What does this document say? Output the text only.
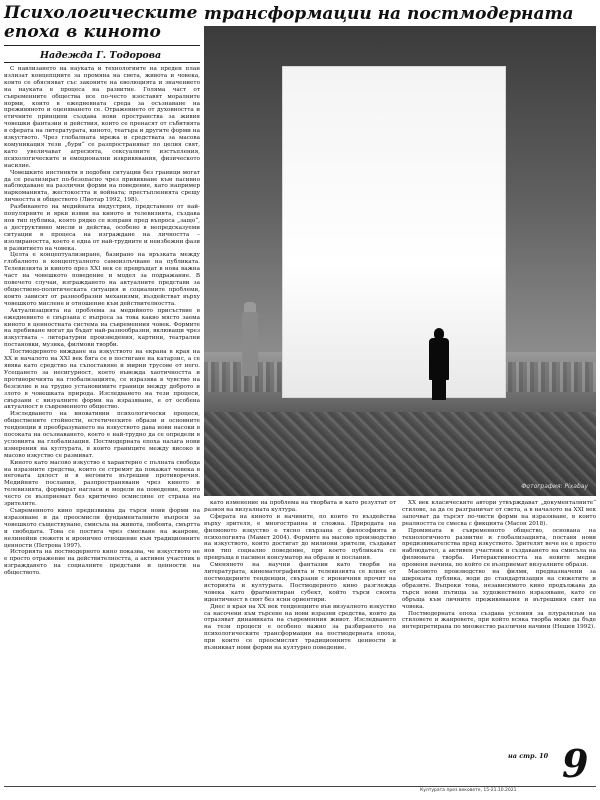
Психологическите
епоха в киното
Надежда Г. Тодорова
Фотография: Pixabay
трансформации на постмодерната

С навлизането на науката и технологиите на преден план излизат концепциите за промяна на света, живота и човека, които се обясняват със законите на еволюцията и значението на науката в процеса на развитие. Голяма част от съвременните общества все по-често изоставят моралните норми, които в ежедневната среда за осъзнаване на преживяното и оценяването се. Отражението от духовността и етичните принципи създава нови пространства за живия човешки фантазии и действия, които се пренасят от събитията в сферата на литературата, киното, театъра и другите форми на изкуството. Чрез глобалната мрежа и средствата за масова комуникация тези „бури“ се разпространяват по целия свят, като увеличават агресията, сексуалните изстъпления, психологическите и емоционални изкривявания, физическото насилие.

Човешките инстинкти в подобни ситуации без граници могат да се реализират по-безопасно чрез привикване към пасивно наблюдаване на различни форми на поведение, като например наркоманията, жестокостта и войната; престъпленията срещу личността и обществото (Лиотар 1992, 198).

Разбиването на медийната индустрия, представено от най-популярните и ярки изяви на киното и телевизията, създава нов тип публика, която рядко се изправя пред въпроса „защо“, а деструктивно мисли и действа, особено в непредсказуеми ситуации в процеса на изграждане на личността – изолираността, което е една от най-трудните и неизбежни фази в развитието на човека.

Целта е концептуализиране, базирано на връзката между глобалното в концептуалното самоизлъчване на публиката. Телевизията и киното през XXI век се превръщат в нова важна част на човешкото поведение и модел за подражание. В повечето случаи, изграждането на актуалните представи за обществено-политическата ситуация и социалните проблеми, които зависят от разнообразни механизми, въздействат върху човешкото мислене и отношение към действителността.

Актуализацията на проблема за медийното присъствие в ежедневието е свързана с въпроса за това какво място заема киното в ценностната система на съвременния човек. Формите на пребиване могат да бъдат най-разнообразни, вклюващи чрез изкуствата – литературни произведения, картини, театрални постановки, музика, филмови творби.

Постмодерното виждане на изкуството на екрана в края на XX и началото на XXI век бяга се в постигане на катарзис, а се явява като средство на съпоставяне и мирни трусове от него. Усещането за несигурност, което въвежда хаотичността и противоречията на глобализацията, се изразява в чувство на безсилие и на трудно установимите граници между доброто и злото в човешката природа. Изследването на тези процеси, свързани с визуалните форми на изразяване, е от особена актуалност в съвременното общество.

Изследването на иновативни психологически процеси, обществените стойности, естетическите образи и основните тенденции в преобразуването на изкуството дава нови насоки в посоката на осъзнаването, което е най-трудно да се определи в условията на глобализация. Постмодерната епоха налага нови измерения на културата, в които границите между високо и масово изкуство се размиват.

Киното като масово изкуство е характерно с пълната свобода на изразните средства, които се стремят да покажат човека в неговата цялост и в неговите вътрешни противоречия. Медийните послания, разпространявани чрез киното и телевизията, формират нагласи и модели на поведение, които често се възприемат без критично осмисляне от страна на зрителите.

Съвременното кино предизвиква да търси нови форми на изразяване и да преосмисли фундаменталните въпроси за човешкото съществуване, смисъла на живота, любовта, смъртта и свободата. Това се постига чрез смесване на жанрове, нелинейни сюжети и иронично отношение към традиционните ценности (Петрова 1997).

Историята на постмодерното кино показва, че изкуството не е просто отражение на действителността, а активен участник в изграждането на социалните представи и ценности на обществото.

като изменение на проблема на творбата и като резултат от развоя на визуалната култура.

Сферата на киното и начините, по които то въздейства върху зрителя, е многостранна и сложна. Природата на филмовото изкуство е тясно свързана с философията и психологията (Мамет 2004). Формите на масово производство на изкуството, които достигат до милиони зрители, създават нов тип социално поведение, при което публиката се превръща в пасивен консуматор на образи и послания.

Сменянето на научни фантазии като творби на литературата, кинематографията и телевизията се влияе от постмодерните тенденции, свързани с ироничния прочит на историята и културата. Постмодерното кино разглежда човека като фрагментиран субект, който търси своята идентичност в свят без ясни ориентири.

Днес в края на XX век тенденциите във визуалното изкуство са насочени към търсене на нови изразни средства, които да отразяват динамиката на съвременния живот. Изследването на тези процеси е особено важно за разбирането на психологическите трансформации на постмодерната епоха, при които се преосмислят традиционните ценности и възникват нови форми на културно поведение.

XX век класическите автори утвърждават „документалните“ стилове, за да се разграничат от света, а в началото на XXI век започват да търсят по-чисти форми на изразяване, в които реалността се смесва с фикцията (Масон 2018).

Промяната в съвременното общество, основана на технологичното развитие и глобализацията, поставя нови предизвикателства пред изкуството. Зрителят вече не е просто наблюдател, а активен участник в създаването на смисъла на филмовата творба. Интерактивността на новите медии променя начина, по който се възприемат визуалните образи.

Масовото производство на филми, предназначени за широката публика, води до стандартизация на сюжетите и образите. Въпреки това, независимото кино продължава да търси нови пътища за художествено изразяване, като се обръща към личните преживявания и вътрешния свят на човека.

Постмодерната епоха създава условия за плурализъм на стиловете и жанровете, при който всяка творба може да бъде интерпретирана по множество различни начини (Нешев 1992).

на стр. 10 9
Културата през вековете, 15-21.10.2021
